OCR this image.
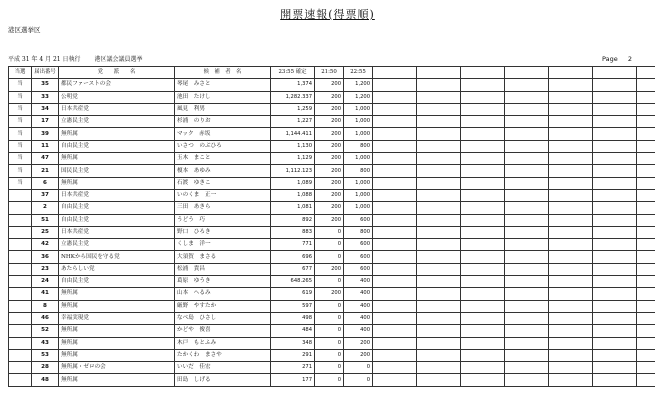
開票速報(得票順)
港区選挙区
平成 31 年 4 月 21 日執行 港区議会議員選挙	Page 2
当選	届出番号	党　　派　　名	候　補　者　名	23:55 確定	21:50	22:55								
当	35	都民ファーストの会	琴尾　みさと	1,374	200	1,200								
当	33	公明党	池田　たけし	1,282.337	200	1,200								
当	34	日本共産党	風見　利男	1,259	200	1,000								
当	17	立憲民主党	杉浦　のりお	1,227	200	1,000								
当	39	無所属	マック　赤坂	1,144.411	200	1,000								
当	11	自由民主党	いさつ　のぶひろ	1,130	200	800								
当	47	無所属	玉木　まこと	1,129	200	1,000								
当	21	国民民主党	榎本　あゆみ	1,112.123	200	800								
当	6	無所属	石渡　ゆきこ	1,089	200	1,000								
	37	日本共産党	いのくま　正一	1,088	200	1,000								
	2	自由民主党	三田　あきら	1,081	200	1,000								
	51	自由民主党	うどう　巧	892	200	600								
	25	日本共産党	野口　ひろき	883	0	800								
	42	立憲民主党	くしま　洋一	771	0	600								
	36	NHKから国民を守る党	大須賀　まさる	696	0	600								
	23	あたらしい党	松浦　貴昌	677	200	600								
	24	自由民主党	葛原　ゆうき	648.265	0	400								
	41	無所属	山本　へるみ	619	200	400								
	8	無所属	厳野　やすたか	597	0	400								
	46	幸福実現党	なべ島　ひさし	498	0	400								
	52	無所属	かどや　俊喜	484	0	400								
	43	無所属	木戸　もとふみ	348	0	200								
	53	無所属	たかくわ　まさや	291	0	200								
	28	無所属・ゼロの会	いいだ　佳宏	271	0	0								
	48	無所属	田島　しげる	177	0	0								
